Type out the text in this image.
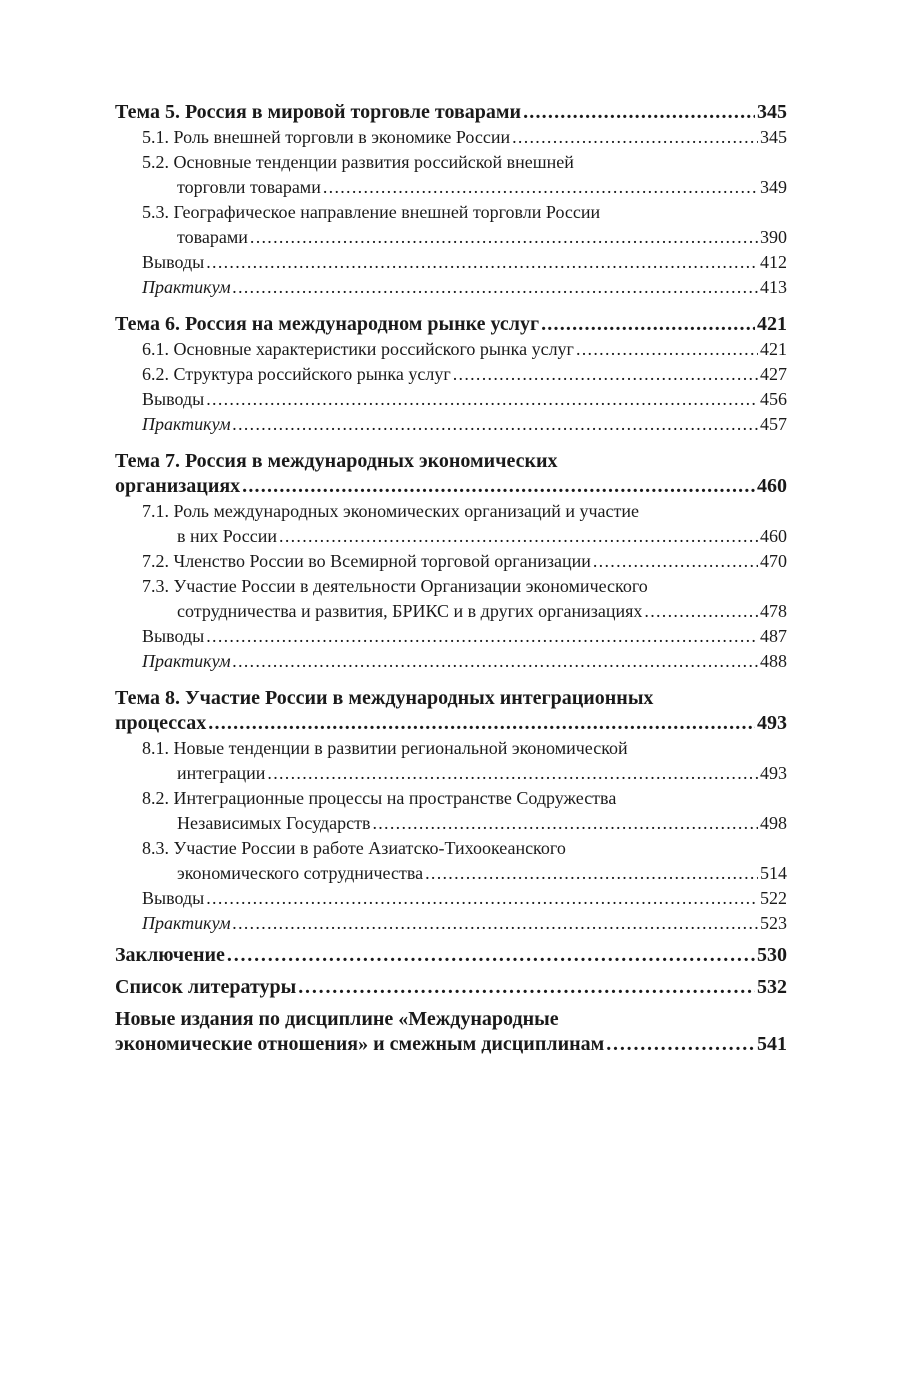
Тема 5. Россия в мировой торговле товарами . . .	345
5.1. Роль внешней торговли в экономике России . . .	345
5.2. Основные тенденции развития российской внешней
торговли товарами . . .	349
5.3. Географическое направление внешней торговли России
товарами . . .	390
Выводы . . .	412
Практикум . . .	413
Тема 6. Россия на международном рынке услуг . . .	421
6.1. Основные характеристики российского рынка услуг . . .	421
6.2. Структура российского рынка услуг . . .	427
Выводы . . .	456
Практикум . . .	457
Тема 7. Россия в международных экономических
организациях . . .	460
7.1. Роль международных экономических организаций и участие
в них России . . .	460
7.2. Членство России во Всемирной торговой организации . . .	470
7.3. Участие России в деятельности Организации экономического
сотрудничества и развития, БРИКС и в других организациях . . .	478
Выводы . . .	487
Практикум . . .	488
Тема 8. Участие России в международных интеграционных
процессах . . .	493
8.1. Новые тенденции в развитии региональной экономической
интеграции . . .	493
8.2. Интеграционные процессы на пространстве Содружества
Независимых Государств . . .	498
8.3. Участие России в работе Азиатско-Тихоокеанского
экономического сотрудничества . . .	514
Выводы . . .	522
Практикум . . .	523
Заключение . . .	530
Список литературы . . .	532
Новые издания по дисциплине «Международные
экономические отношения» и смежным дисциплинам . . .	541
